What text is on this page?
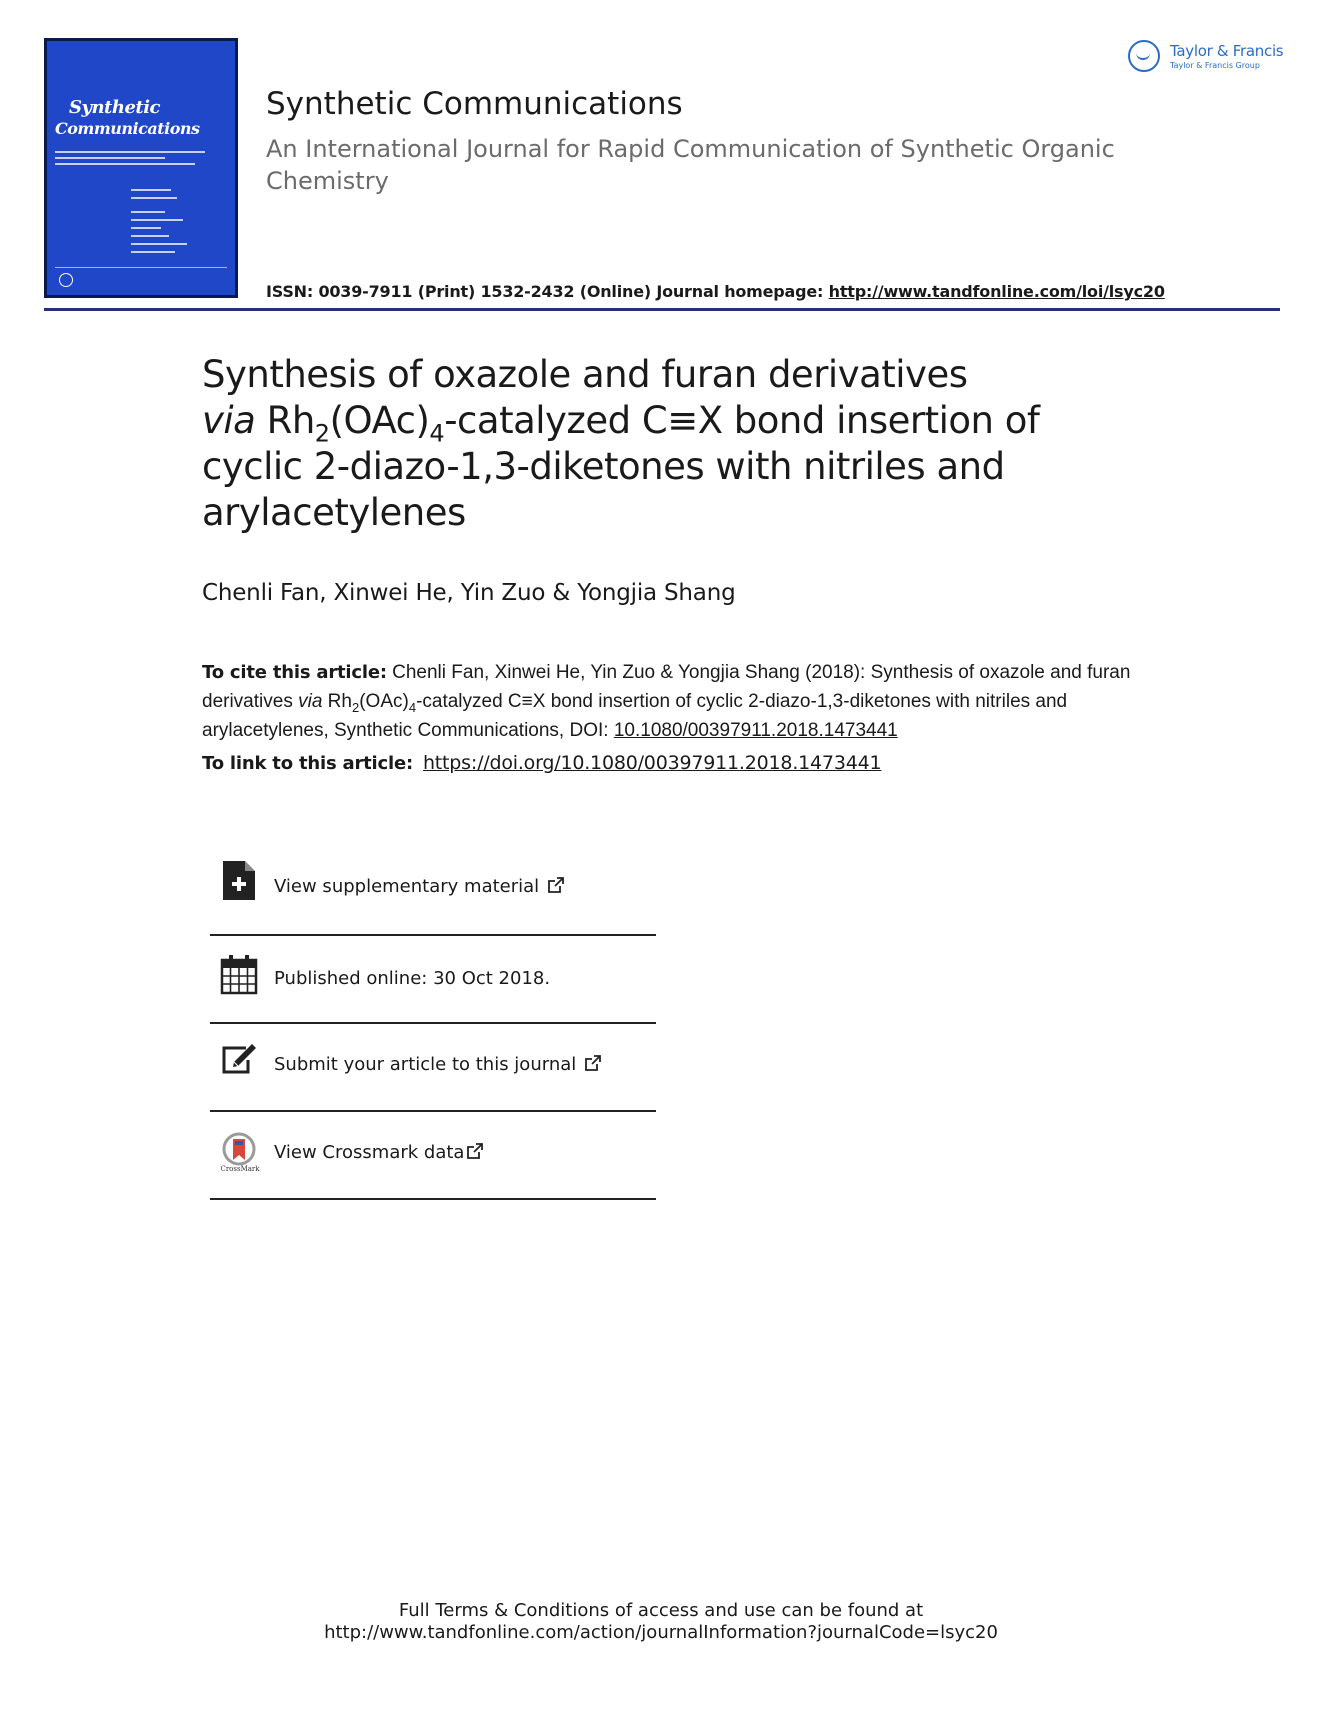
Synthetic
Communications
Synthetic Communications
An International Journal for Rapid Communication of Synthetic Organic Chemistry
ISSN: 0039-7911 (Print) 1532-2432 (Online) Journal homepage: http://www.tandfonline.com/loi/lsyc20
Taylor & Francis
Taylor & Francis Group
Synthesis of oxazole and furan derivatives
via $Rh_2(OAc)_4$-catalyzed C≡X bond insertion of
cyclic 2-diazo-1,3-diketones with nitriles and
arylacetylenes
Chenli Fan, Xinwei He, Yin Zuo & Yongjia Shang
To cite this article: Chenli Fan, Xinwei He, Yin Zuo & Yongjia Shang (2018): Synthesis of oxazole and furan derivatives via $Rh_2(OAc)_4$-catalyzed C≡X bond insertion of cyclic 2-diazo-1,3-diketones with nitriles and arylacetylenes, Synthetic Communications, DOI: 10.1080/00397911.2018.1473441
To link to this article: https://doi.org/10.1080/00397911.2018.1473441
View supplementary material
Published online: 30 Oct 2018.
Submit your article to this journal
CrossMark
View Crossmark data
Full Terms & Conditions of access and use can be found at
http://www.tandfonline.com/action/journalInformation?journalCode=lsyc20
